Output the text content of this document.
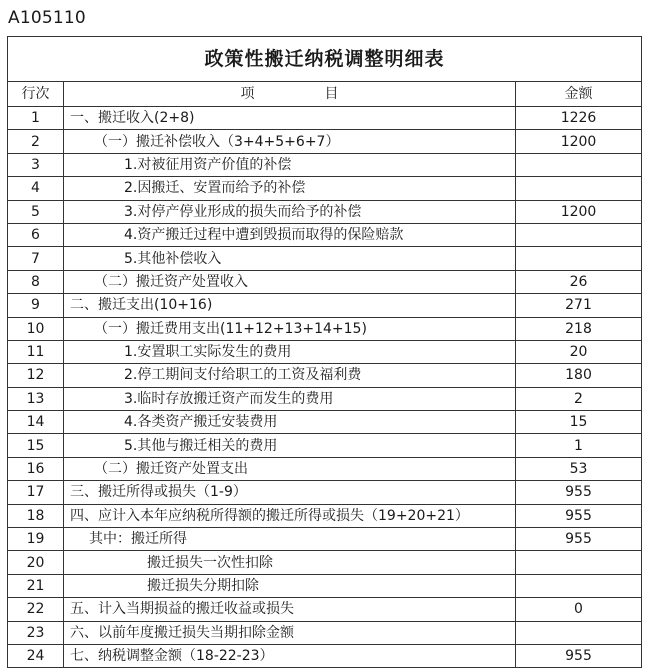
A105110
政策性搬迁纳税调整明细表		
行次	项 目	金额
1	一、搬迁收入(2+8)	1226
2	（一）搬迁补偿收入（3+4+5+6+7）	1200
3	1.对被征用资产价值的补偿	
4	2.因搬迁、安置而给予的补偿	
5	3.对停产停业形成的损失而给予的补偿	1200
6	4.资产搬迁过程中遭到毁损而取得的保险赔款	
7	5.其他补偿收入	
8	（二）搬迁资产处置收入	26
9	二、搬迁支出(10+16)	271
10	（一）搬迁费用支出(11+12+13+14+15)	218
11	1.安置职工实际发生的费用	20
12	2.停工期间支付给职工的工资及福利费	180
13	3.临时存放搬迁资产而发生的费用	2
14	4.各类资产搬迁安装费用	15
15	5.其他与搬迁相关的费用	1
16	（二）搬迁资产处置支出	53
17	三、搬迁所得或损失（1-9）	955
18	四、应计入本年应纳税所得额的搬迁所得或损失（19+20+21）	955
19	其中：搬迁所得	955
20	搬迁损失一次性扣除	
21	搬迁损失分期扣除	
22	五、计入当期损益的搬迁收益或损失	0
23	六、以前年度搬迁损失当期扣除金额	
24	七、纳税调整金额（18-22-23）	955
